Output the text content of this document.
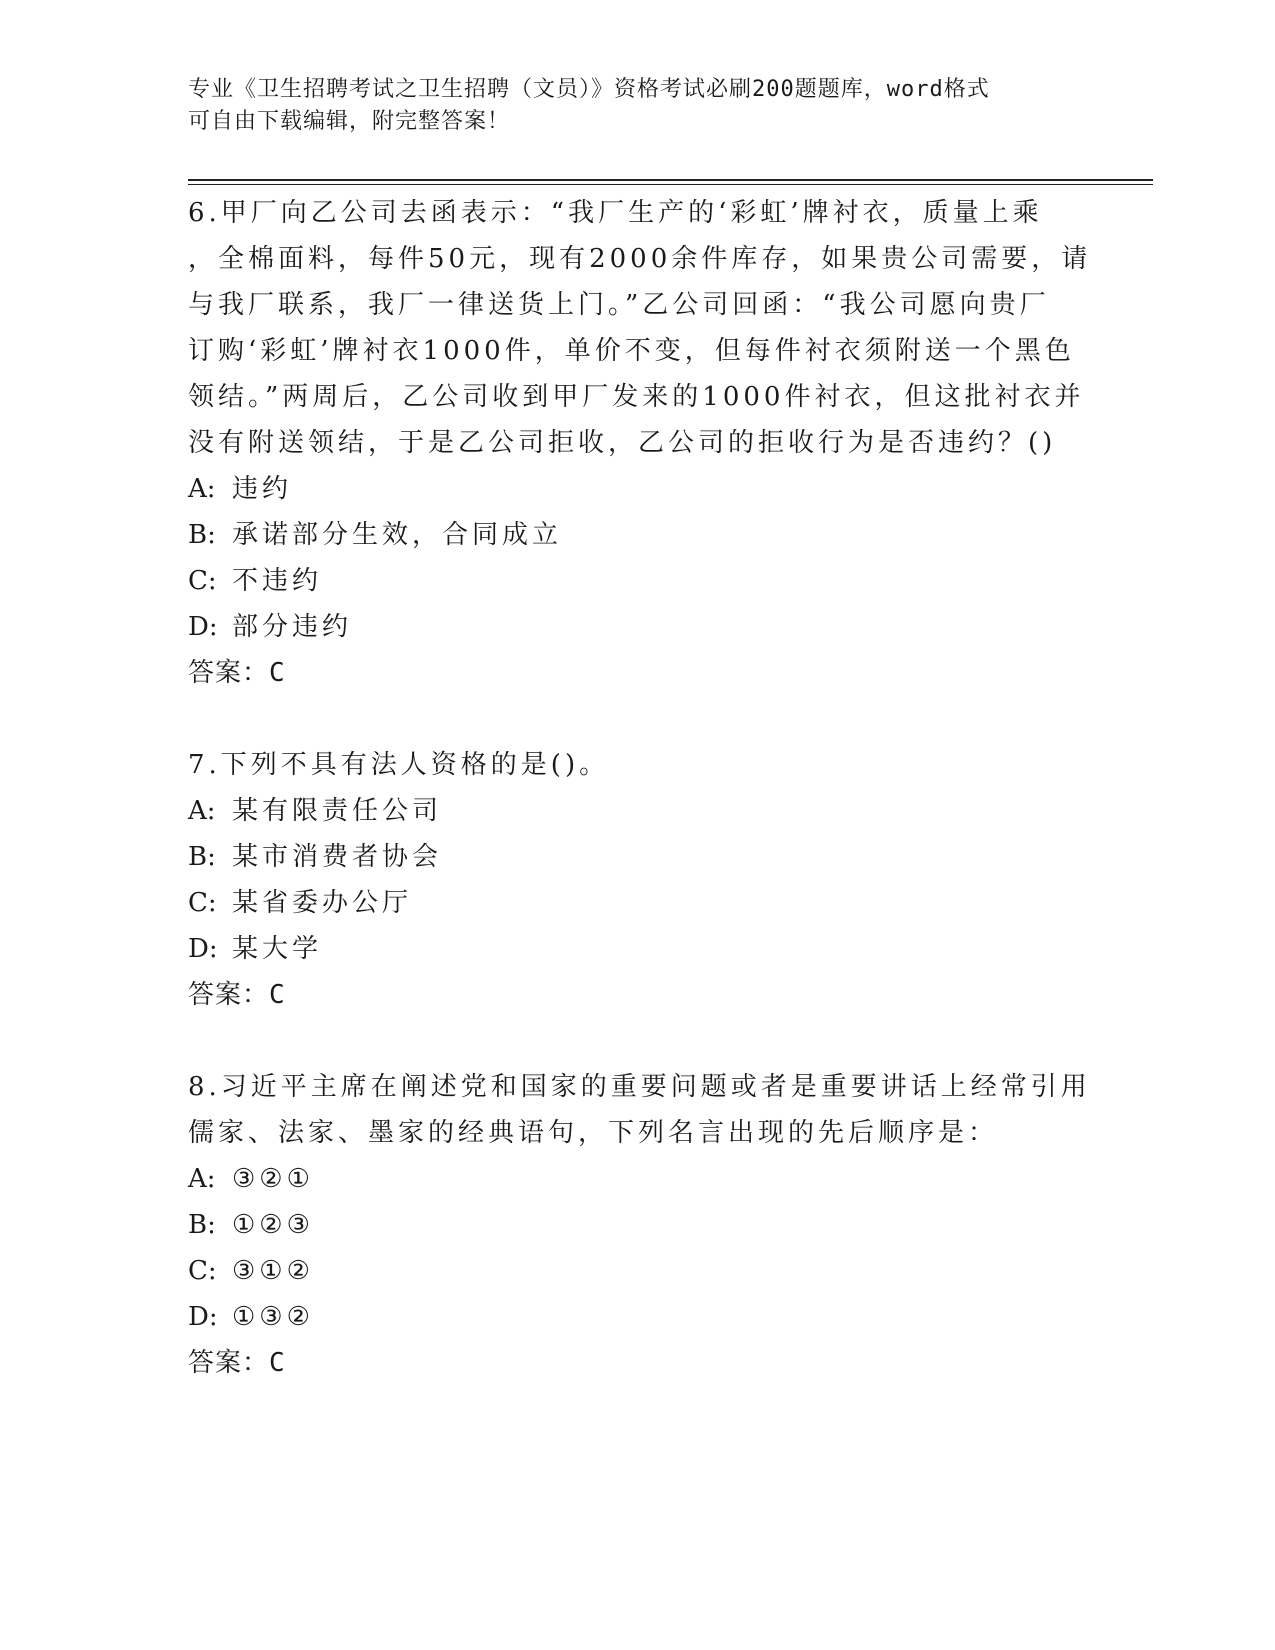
专业《卫生招聘考试之卫生招聘（文员）》资格考试必刷200题题库，word格式
可自由下载编辑，附完整答案！
6.甲厂向乙公司去函表示：“我厂生产的‘彩虹’牌衬衣，质量上乘
，全棉面料，每件50元，现有2000余件库存，如果贵公司需要，请
与我厂联系，我厂一律送货上门。”乙公司回函：“我公司愿向贵厂
订购‘彩虹’牌衬衣1000件，单价不变，但每件衬衣须附送一个黑色
领结。”两周后，乙公司收到甲厂发来的1000件衬衣，但这批衬衣并
没有附送领结，于是乙公司拒收，乙公司的拒收行为是否违约？()
A: 违约
B: 承诺部分生效，合同成立
C: 不违约
D: 部分违约
答案：C
7.下列不具有法人资格的是()。
A: 某有限责任公司
B: 某市消费者协会
C: 某省委办公厅
D: 某大学
答案：C
8.习近平主席在阐述党和国家的重要问题或者是重要讲话上经常引用
儒家、法家、墨家的经典语句，下列名言出现的先后顺序是：
A: ③②①
B: ①②③
C: ③①②
D: ①③②
答案：C
